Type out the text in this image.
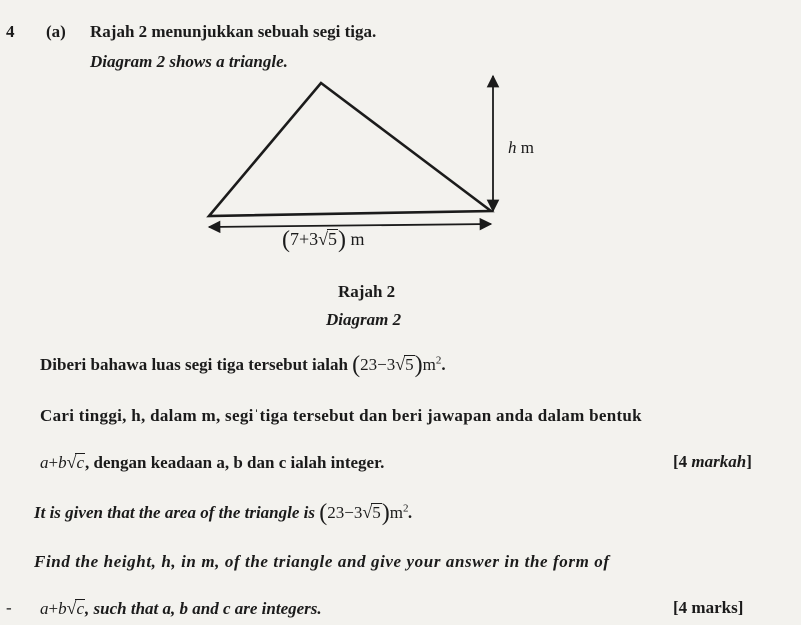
4 (a) Rajah 2 menunjukkan sebuah segi tiga.
Diagram 2 shows a triangle.
h m
(7+3√5) m
Rajah 2
Diagram 2
Diberi bahawa luas segi tiga tersebut ialah $(23-3√5)m^2$.
Cari tinggi, h, dalam m, segiˈtiga tersebut dan beri jawapan anda dalam bentuk
a+b√c, dengan keadaan a, b dan c ialah integer.	[4 markah]
It is given that the area of the triangle is $(23-3√5)m^2$.
Find the height, h, in m, of the triangle and give your answer in the form of
- a+b√c, such that a, b and c are integers.	[4 marks]
